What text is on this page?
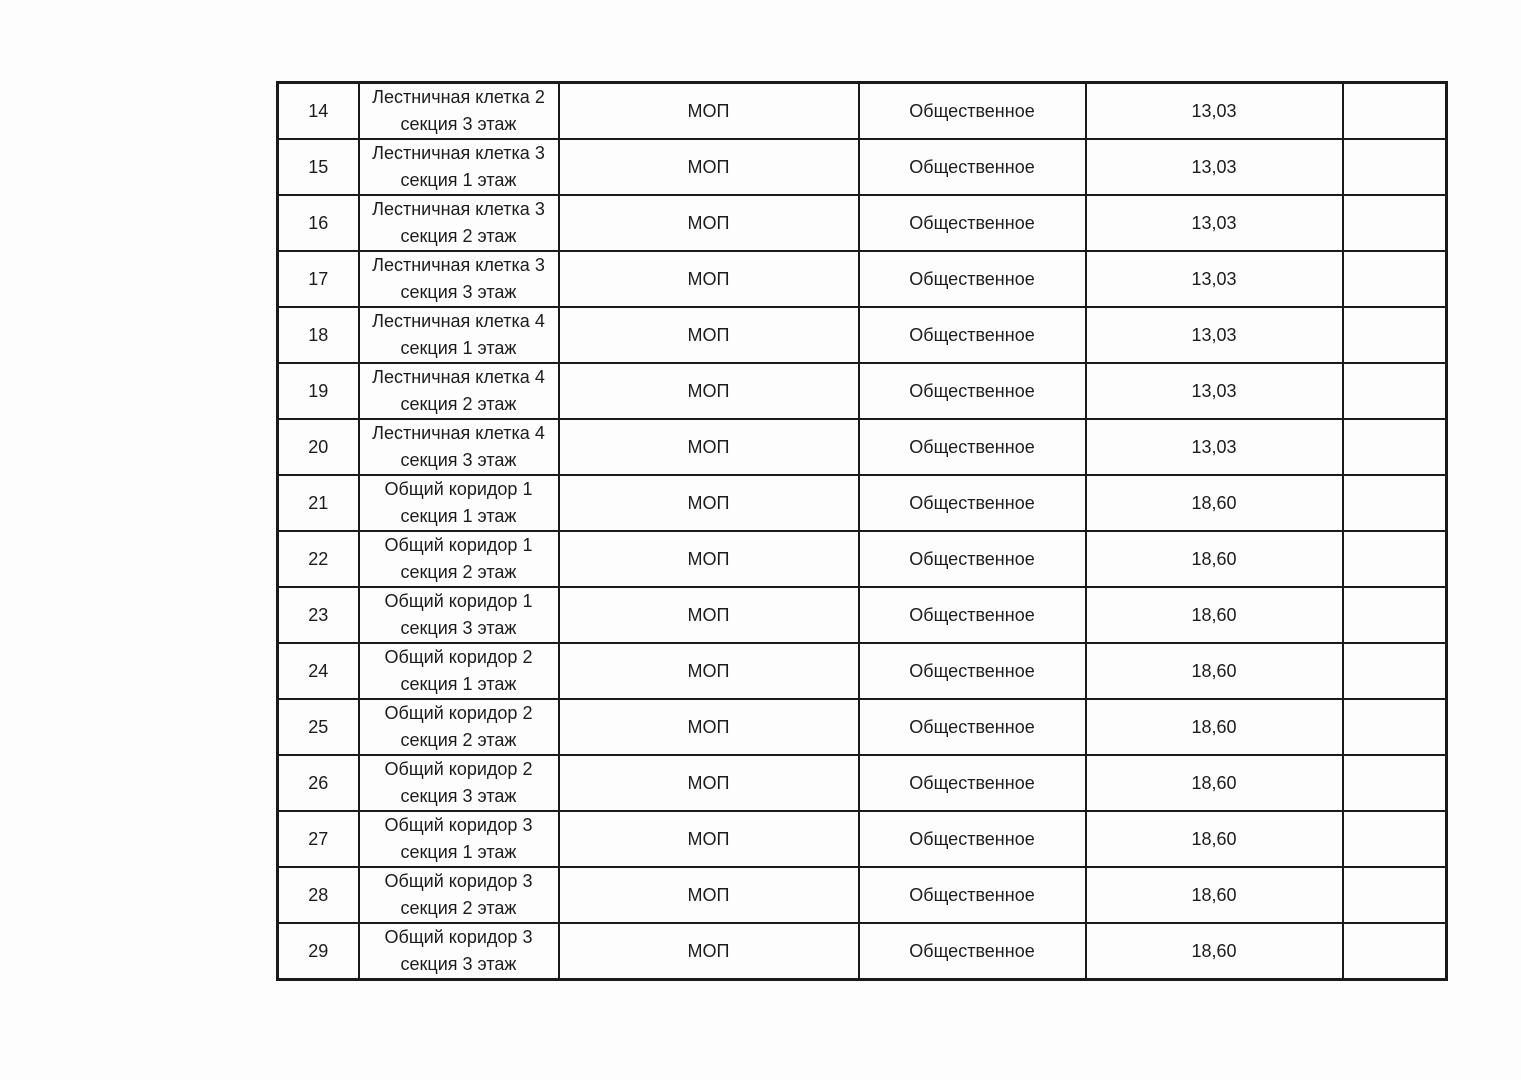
14	Лестничная клетка 2 секция 3 этаж	МОП	Общественное	13,03	
15	Лестничная клетка 3 секция 1 этаж	МОП	Общественное	13,03	
16	Лестничная клетка 3 секция 2 этаж	МОП	Общественное	13,03	
17	Лестничная клетка 3 секция 3 этаж	МОП	Общественное	13,03	
18	Лестничная клетка 4 секция 1 этаж	МОП	Общественное	13,03	
19	Лестничная клетка 4 секция 2 этаж	МОП	Общественное	13,03	
20	Лестничная клетка 4 секция 3 этаж	МОП	Общественное	13,03	
21	Общий коридор 1 секция 1 этаж	МОП	Общественное	18,60	
22	Общий коридор 1 секция 2 этаж	МОП	Общественное	18,60	
23	Общий коридор 1 секция 3 этаж	МОП	Общественное	18,60	
24	Общий коридор 2 секция 1 этаж	МОП	Общественное	18,60	
25	Общий коридор 2 секция 2 этаж	МОП	Общественное	18,60	
26	Общий коридор 2 секция 3 этаж	МОП	Общественное	18,60	
27	Общий коридор 3 секция 1 этаж	МОП	Общественное	18,60	
28	Общий коридор 3 секция 2 этаж	МОП	Общественное	18,60	
29	Общий коридор 3 секция 3 этаж	МОП	Общественное	18,60	
